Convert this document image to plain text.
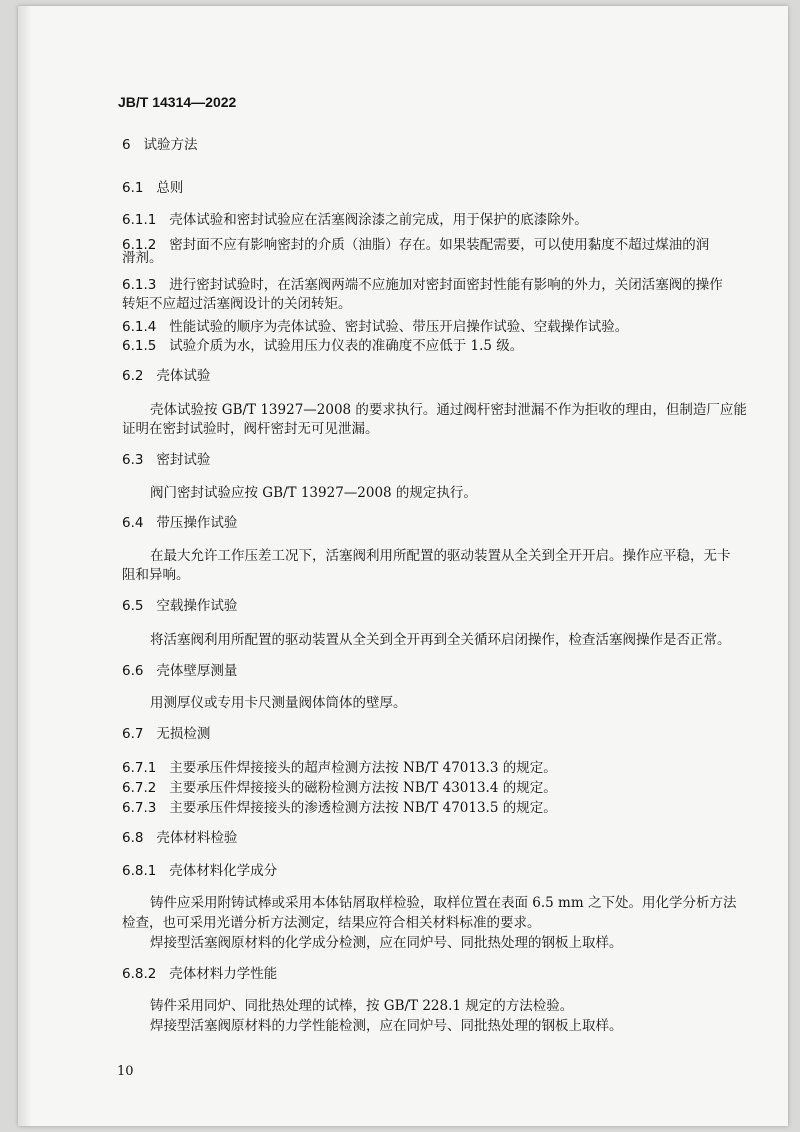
JB/T 14314—2022
6 试验方法
6.1 总则
6.1.1 壳体试验和密封试验应在活塞阀涂漆之前完成，用于保护的底漆除外。
6.1.2 密封面不应有影响密封的介质（油脂）存在。如果装配需要，可以使用黏度不超过煤油的润
滑剂。
6.1.3 进行密封试验时，在活塞阀两端不应施加对密封面密封性能有影响的外力，关闭活塞阀的操作
转矩不应超过活塞阀设计的关闭转矩。
6.1.4 性能试验的顺序为壳体试验、密封试验、带压开启操作试验、空载操作试验。
6.1.5 试验介质为水，试验用压力仪表的准确度不应低于 1.5 级。
6.2 壳体试验
壳体试验按 GB/T 13927—2008 的要求执行。通过阀杆密封泄漏不作为拒收的理由，但制造厂应能
证明在密封试验时，阀杆密封无可见泄漏。
6.3 密封试验
阀门密封试验应按 GB/T 13927—2008 的规定执行。
6.4 带压操作试验
在最大允许工作压差工况下，活塞阀利用所配置的驱动装置从全关到全开开启。操作应平稳，无卡
阻和异响。
6.5 空载操作试验
将活塞阀利用所配置的驱动装置从全关到全开再到全关循环启闭操作，检查活塞阀操作是否正常。
6.6 壳体壁厚测量
用测厚仪或专用卡尺测量阀体筒体的壁厚。
6.7 无损检测
6.7.1 主要承压件焊接接头的超声检测方法按 NB/T 47013.3 的规定。
6.7.2 主要承压件焊接接头的磁粉检测方法按 NB/T 43013.4 的规定。
6.7.3 主要承压件焊接接头的渗透检测方法按 NB/T 47013.5 的规定。
6.8 壳体材料检验
6.8.1 壳体材料化学成分
铸件应采用附铸试棒或采用本体钻屑取样检验，取样位置在表面 6.5 mm 之下处。用化学分析方法
检查，也可采用光谱分析方法测定，结果应符合相关材料标准的要求。
焊接型活塞阀原材料的化学成分检测，应在同炉号、同批热处理的钢板上取样。
6.8.2 壳体材料力学性能
铸件采用同炉、同批热处理的试棒，按 GB/T 228.1 规定的方法检验。
焊接型活塞阀原材料的力学性能检测，应在同炉号、同批热处理的钢板上取样。
10
